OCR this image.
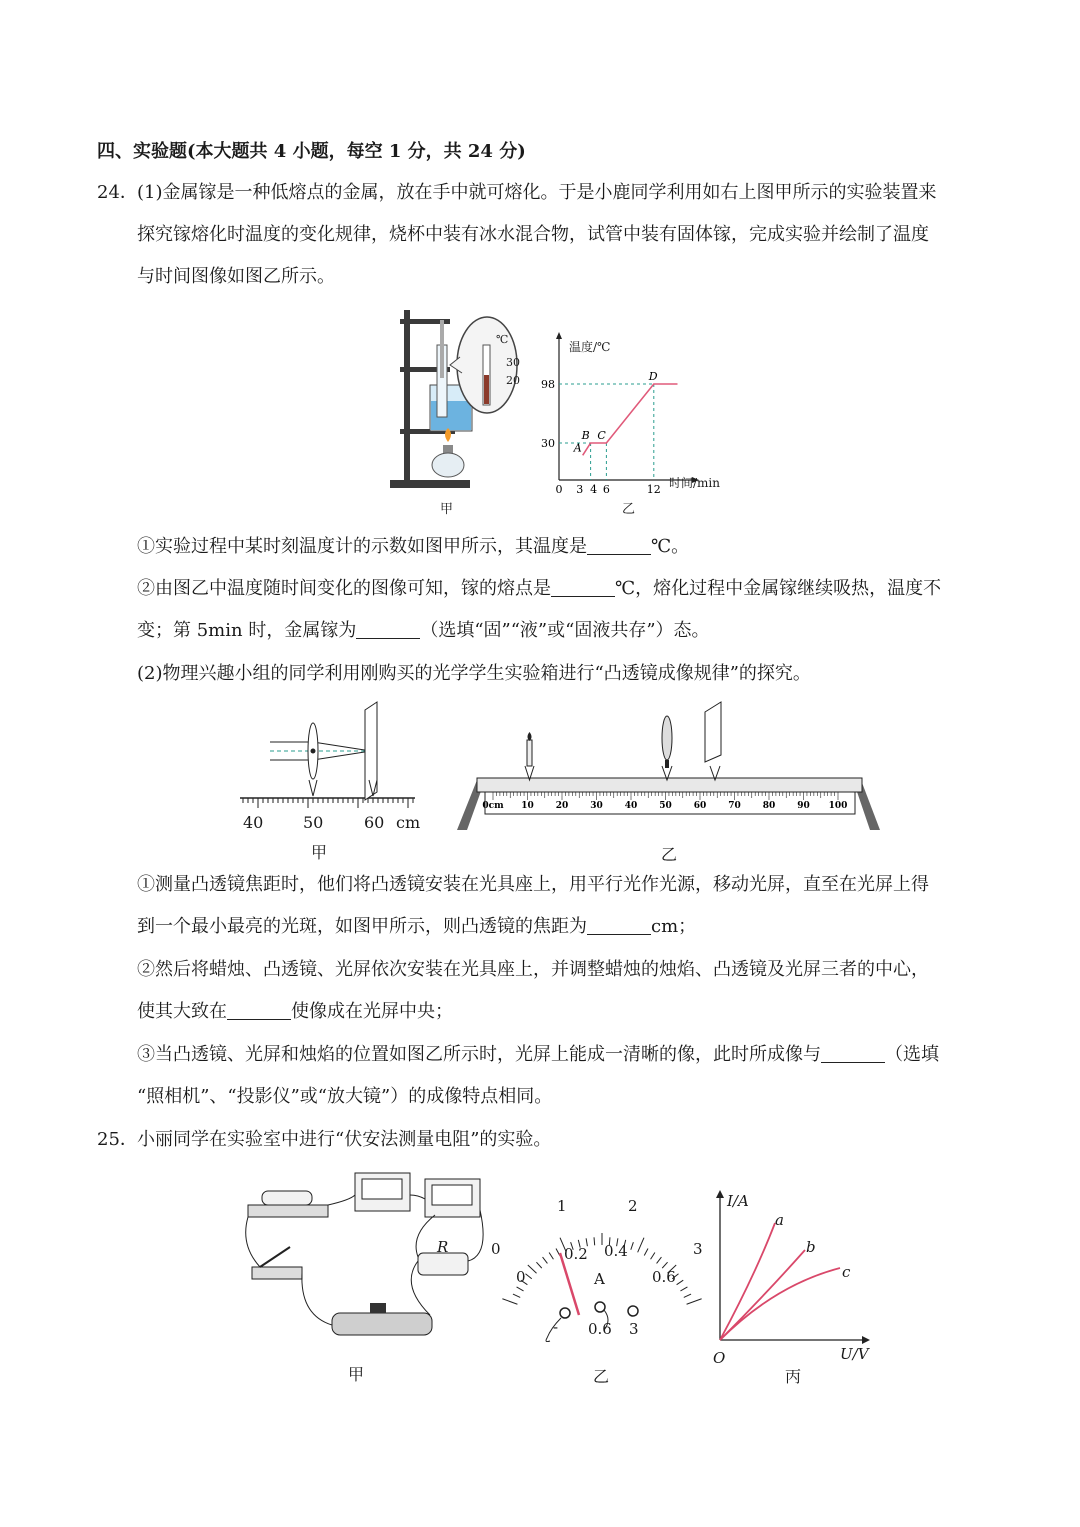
四、实验题(本大题共 4 小题，每空 1 分，共 24 分)
24． (1)金属镓是一种低熔点的金属，放在手中就可熔化。于是小鹿同学利用如右上图甲所示的实验装置来
探究镓熔化时温度的变化规律，烧杯中装有冰水混合物，试管中装有固体镓，完成实验并绘制了温度
与时间图像如图乙所示。
℃
30
20
甲
A
B C
D
30
98
0 3 4 6	12
温度/℃
时间/min
乙
①实验过程中某时刻温度计的示数如图甲所示，其温度是	℃。
②由图乙中温度随时间变化的图像可知，镓的熔点是	℃，熔化过程中金属镓继续吸热，温度不
变；第 5min 时，金属镓为	（选填“固”“液”或“固液共存”）态。
(2)物理兴趣小组的同学利用刚购买的光学学生实验箱进行“凸透镜成像规律”的探究。
40 50	60 cm
甲
0cm 10 20 30 40 50 60 70 80 90 100
乙
①测量凸透镜焦距时，他们将凸透镜安装在光具座上，用平行光作光源，移动光屏，直至在光屏上得
到一个最小最亮的光斑，如图甲所示，则凸透镜的焦距为	cm；
②然后将蜡烛、凸透镜、光屏依次安装在光具座上，并调整蜡烛的烛焰、凸透镜及光屏三者的中心，
使其大致在	使像成在光屏中央；
③当凸透镜、光屏和烛焰的位置如图乙所示时，光屏上能成一清晰的像，此时所成像与	（选填
“照相机”、“投影仪”或“放大镜”）的成像特点相同。
25． 小丽同学在实验室中进行“伏安法测量电阻”的实验。
R
甲
0
1	2
3
0
0.2 0.4
0.6
A
- 0.6 3
乙
I/A
U/V
O
a
b
c
丙
